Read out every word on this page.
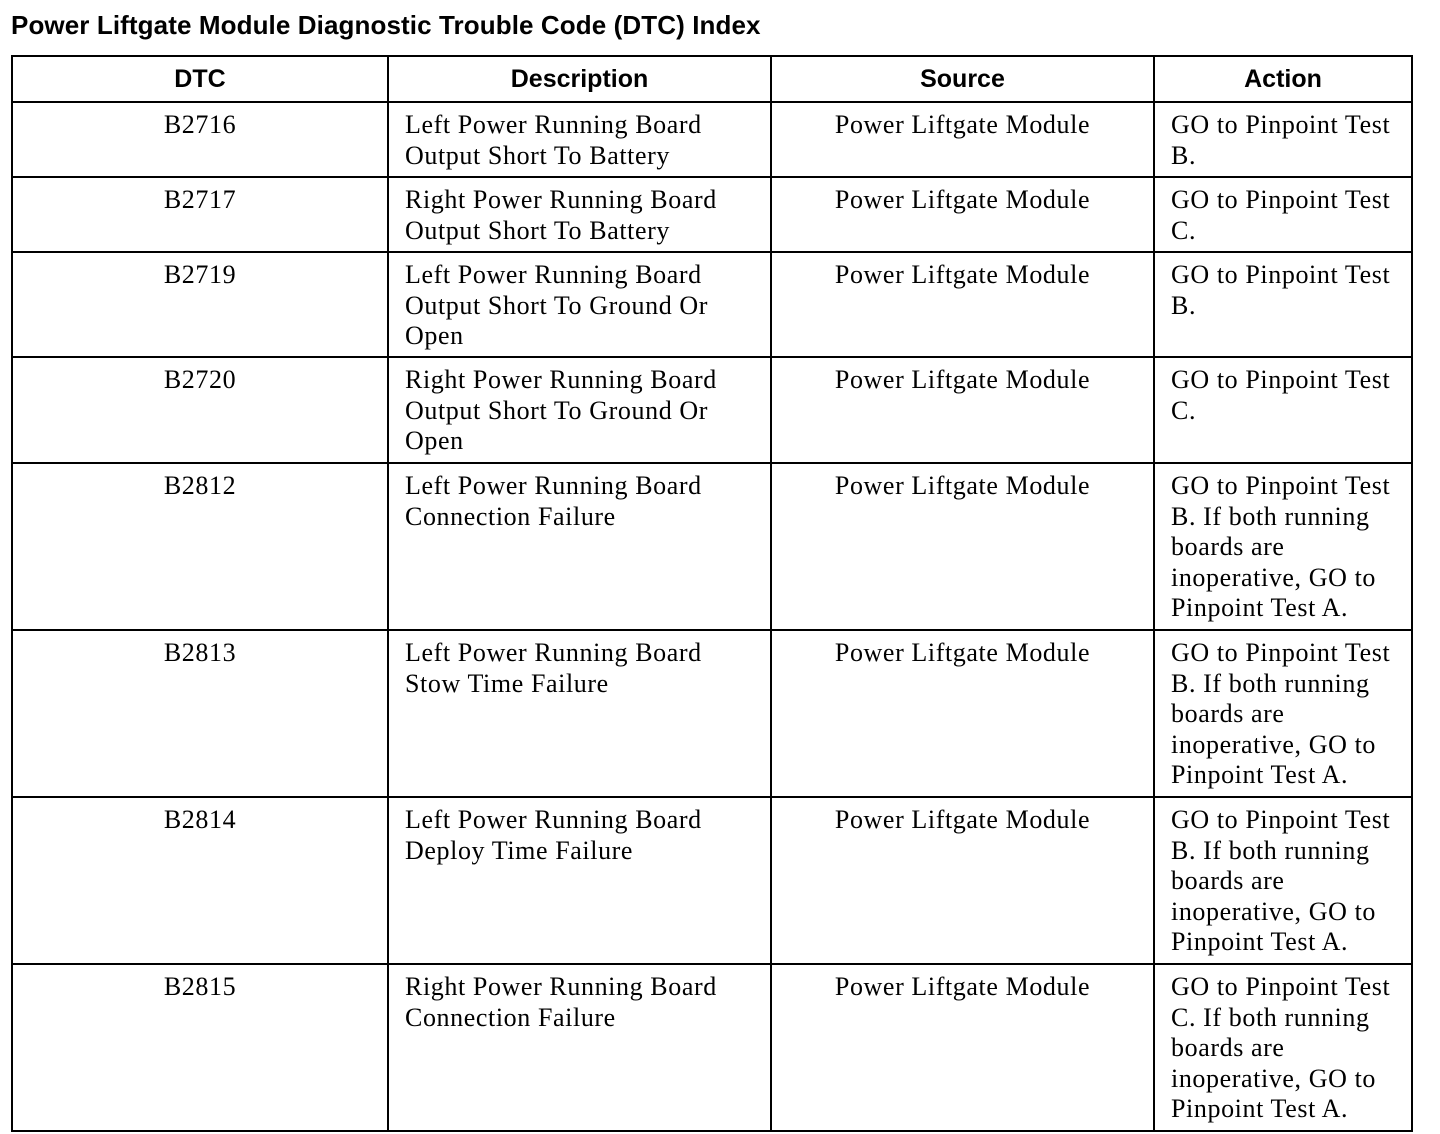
Power Liftgate Module Diagnostic Trouble Code (DTC) Index
DTC	Description	Source	Action
B2716	Left Power Running Board Output Short To Battery	Power Liftgate Module	GO to Pinpoint Test B.
B2717	Right Power Running Board Output Short To Battery	Power Liftgate Module	GO to Pinpoint Test C.
B2719	Left Power Running Board Output Short To Ground Or Open	Power Liftgate Module	GO to Pinpoint Test B.
B2720	Right Power Running Board Output Short To Ground Or Open	Power Liftgate Module	GO to Pinpoint Test C.
B2812	Left Power Running Board Connection Failure	Power Liftgate Module	GO to Pinpoint Test B. If both running boards are inoperative, GO to Pinpoint Test A.
B2813	Left Power Running Board Stow Time Failure	Power Liftgate Module	GO to Pinpoint Test B. If both running boards are inoperative, GO to Pinpoint Test A.
B2814	Left Power Running Board Deploy Time Failure	Power Liftgate Module	GO to Pinpoint Test B. If both running boards are inoperative, GO to Pinpoint Test A.
B2815	Right Power Running Board Connection Failure	Power Liftgate Module	GO to Pinpoint Test C. If both running boards are inoperative, GO to Pinpoint Test A.
